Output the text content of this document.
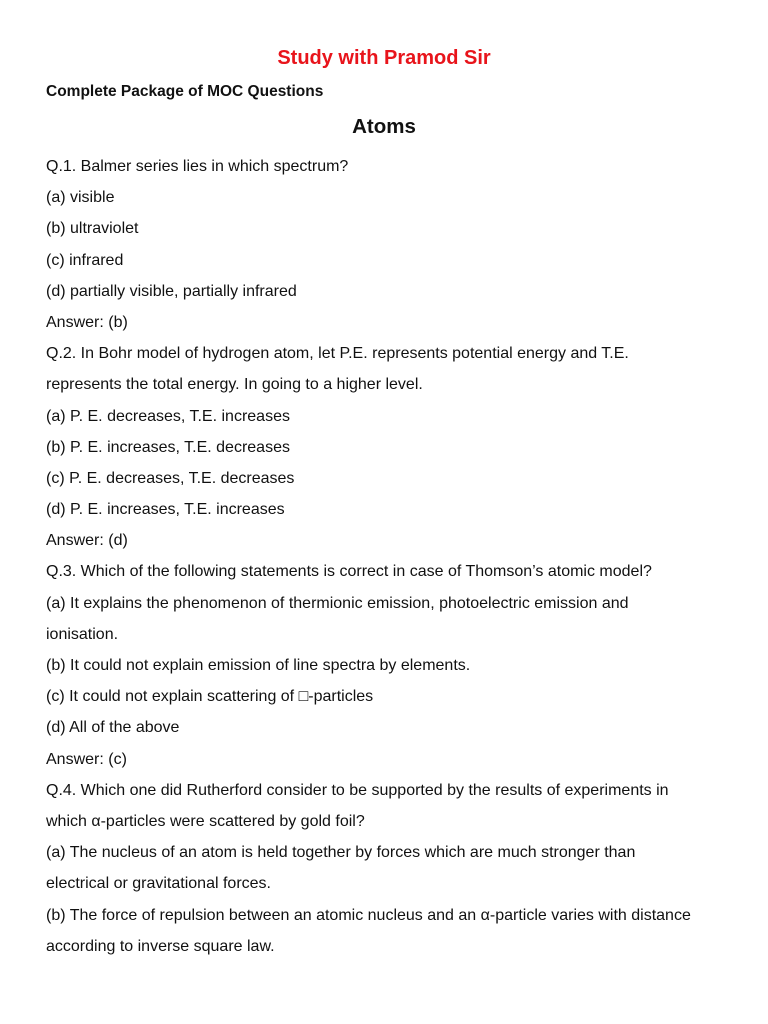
Study with Pramod Sir
Complete Package of MOC Questions
Atoms
Q.1. Balmer series lies in which spectrum?
(a) visible
(b) ultraviolet
(c) infrared
(d) partially visible, partially infrared
Answer: (b)
Q.2. In Bohr model of hydrogen atom, let P.E. represents potential energy and T.E.
represents the total energy. In going to a higher level.
(a) P. E. decreases, T.E. increases
(b) P. E. increases, T.E. decreases
(c) P. E. decreases, T.E. decreases
(d) P. E. increases, T.E. increases
Answer: (d)
Q.3. Which of the following statements is correct in case of Thomson’s atomic model?
(a) It explains the phenomenon of thermionic emission, photoelectric emission and
ionisation.
(b) It could not explain emission of line spectra by elements.
(c) It could not explain scattering of □-particles
(d) All of the above
Answer: (c)
Q.4. Which one did Rutherford consider to be supported by the results of experiments in
which α-particles were scattered by gold foil?
(a) The nucleus of an atom is held together by forces which are much stronger than
electrical or gravitational forces.
(b) The force of repulsion between an atomic nucleus and an α-particle varies with distance
according to inverse square law.
